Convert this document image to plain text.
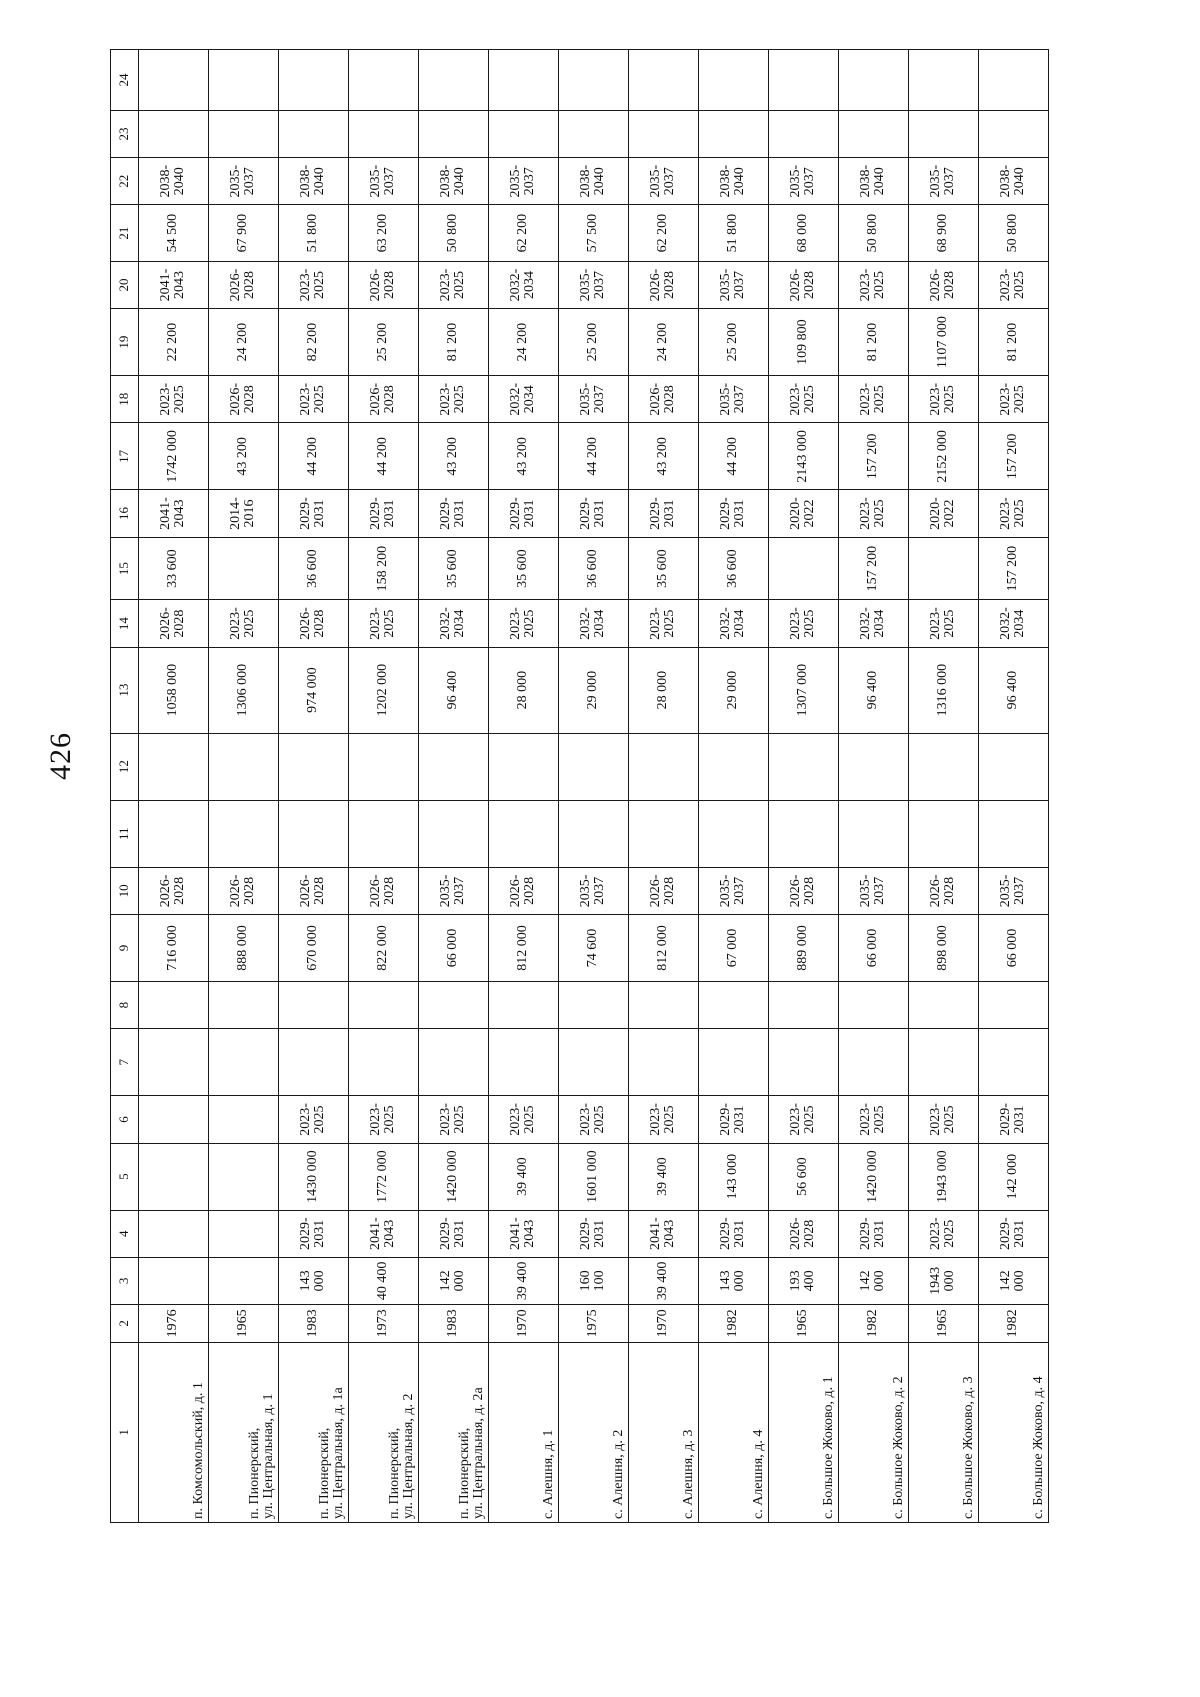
426
1	2	3	4	5	6	7	8	9	10	11	12	13	14	15	16	17	18	19	20	21	22	23	24

п. Комсомольский, д. 1	1976							716 000	2026-2028			1058 000	2026-2028	33 600	2041-2043	1742 000	2023-2025	22 200	2041-2043	54 500	2038-2040		

п. Пионерский, ул. Центральная, д. 1	1965							888 000	2026-2028			1306 000	2023-2025		2014-2016	43 200	2026-2028	24 200	2026-2028	67 900	2035-2037		

п. Пионерский, ул. Центральная, д. 1а	1983	143 000	2029-2031	1430 000	2023-2025			670 000	2026-2028			974 000	2026-2028	36 600	2029-2031	44 200	2023-2025	82 200	2023-2025	51 800	2038-2040		

п. Пионерский, ул. Центральная, д. 2	1973	40 400	2041-2043	1772 000	2023-2025			822 000	2026-2028			1202 000	2023-2025	158 200	2029-2031	44 200	2026-2028	25 200	2026-2028	63 200	2035-2037		

п. Пионерский, ул. Центральная, д. 2а	1983	142 000	2029-2031	1420 000	2023-2025			66 000	2035-2037			96 400	2032-2034	35 600	2029-2031	43 200	2023-2025	81 200	2023-2025	50 800	2038-2040		

с. Алешня, д. 1	1970	39 400	2041-2043	39 400	2023-2025			812 000	2026-2028			28 000	2023-2025	35 600	2029-2031	43 200	2032-2034	24 200	2032-2034	62 200	2035-2037		

с. Алешня, д. 2	1975	160 100	2029-2031	1601 000	2023-2025			74 600	2035-2037			29 000	2032-2034	36 600	2029-2031	44 200	2035-2037	25 200	2035-2037	57 500	2038-2040		

с. Алешня, д. 3	1970	39 400	2041-2043	39 400	2023-2025			812 000	2026-2028			28 000	2023-2025	35 600	2029-2031	43 200	2026-2028	24 200	2026-2028	62 200	2035-2037		

с. Алешня, д. 4	1982	143 000	2029-2031	143 000	2029-2031			67 000	2035-2037			29 000	2032-2034	36 600	2029-2031	44 200	2035-2037	25 200	2035-2037	51 800	2038-2040		

с. Большое Жоково, д. 1	1965	193 400	2026-2028	56 600	2023-2025			889 000	2026-2028			1307 000	2023-2025		2020-2022	2143 000	2023-2025	109 800	2026-2028	68 000	2035-2037		

с. Большое Жоково, д. 2	1982	142 000	2029-2031	1420 000	2023-2025			66 000	2035-2037			96 400	2032-2034	157 200	2023-2025	157 200	2023-2025	81 200	2023-2025	50 800	2038-2040		

с. Большое Жоково, д. 3	1965	1943 000	2023-2025	1943 000	2023-2025			898 000	2026-2028			1316 000	2023-2025		2020-2022	2152 000	2023-2025	1107 000	2026-2028	68 900	2035-2037		

с. Большое Жоково, д. 4	1982	142 000	2029-2031	142 000	2029-2031			66 000	2035-2037			96 400	2032-2034	157 200	2023-2025	157 200	2023-2025	81 200	2023-2025	50 800	2038-2040		
